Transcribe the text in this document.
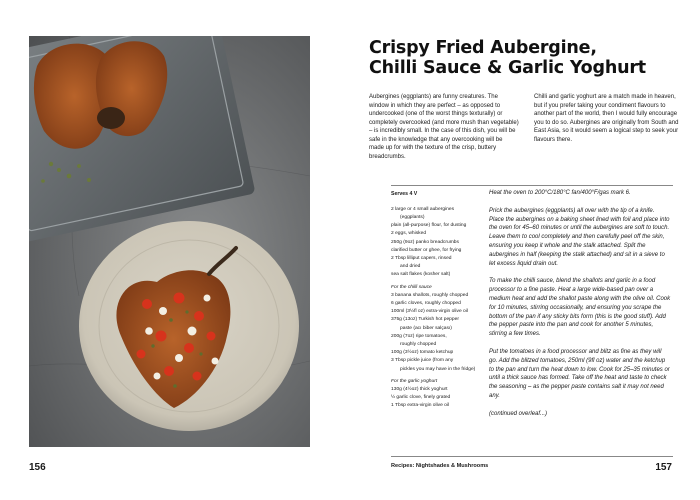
156
Crispy Fried Aubergine,
Chilli Sauce & Garlic Yoghurt

Aubergines (eggplants) are funny creatures. The window in which they are perfect – as opposed to undercooked (one of the worst things texturally) or completely overcooked (and more mush than vegetable) – is incredibly small. In the case of this dish, you will be safe in the knowledge that any overcooking will be made up for with the texture of the crisp, buttery breadcrumbs.

Chilli and garlic yoghurt are a match made in heaven, but if you prefer taking your condiment flavours to another part of the world, then I would fully encourage you to do so. Aubergines are originally from South and East Asia, so it would seem a logical step to seek your flavours there.

Serves 4 V
2 large or 4 small aubergines
(eggplants)
plain (all-purpose) flour, for dusting
2 eggs, whisked
250g (9oz) panko breadcrumbs
clarified butter or ghee, for frying
2 Tbsp lilliput capers, rinsed
and dried
sea salt flakes (kosher salt)
For the chilli sauce
3 banana shallots, roughly chopped
6 garlic cloves, roughly chopped
100ml (3½fl oz) extra-virgin olive oil
375g (13oz) Turkish hot pepper
paste (acı biber salçası)
200g (7oz) ripe tomatoes,
roughly chopped
100g (3½oz) tomato ketchup
3 Tbsp pickle juice (from any
pickles you may have in the fridge)
For the garlic yoghurt
130g (4½oz) thick yoghurt
½ garlic clove, finely grated
1 Tbsp extra-virgin olive oil

Heat the oven to 200°C/180°C fan/400°F/gas mark 6.

Prick the aubergines (eggplants) all over with the tip of a knife. Place the aubergines on a baking sheet lined with foil and place into the oven for 45–60 minutes or until the aubergines are soft to touch. Leave them to cool completely and then carefully peel off the skin, ensuring you keep it whole and the stalk attached. Split the aubergines in half (keeping the stalk attached) and sit in a sieve to let excess liquid drain out.

To make the chilli sauce, blend the shallots and garlic in a food processor to a fine paste. Heat a large wide-based pan over a medium heat and add the shallot paste along with the olive oil. Cook for 10 minutes, stirring occasionally, and ensuring you scrape the bottom of the pan if any sticky bits form (this is the good stuff). Add the pepper paste into the pan and cook for another 5 minutes, stirring a few times.

Put the tomatoes in a food processor and blitz as fine as they will go. Add the blitzed tomatoes, 250ml (9fl oz) water and the ketchup to the pan and turn the heat down to low. Cook for 25–35 minutes or until a thick sauce has formed. Take off the heat and taste to check the seasoning – as the pepper paste contains salt it may not need any.

(continued overleaf...)

Recipes: Nightshades & Mushrooms	157
